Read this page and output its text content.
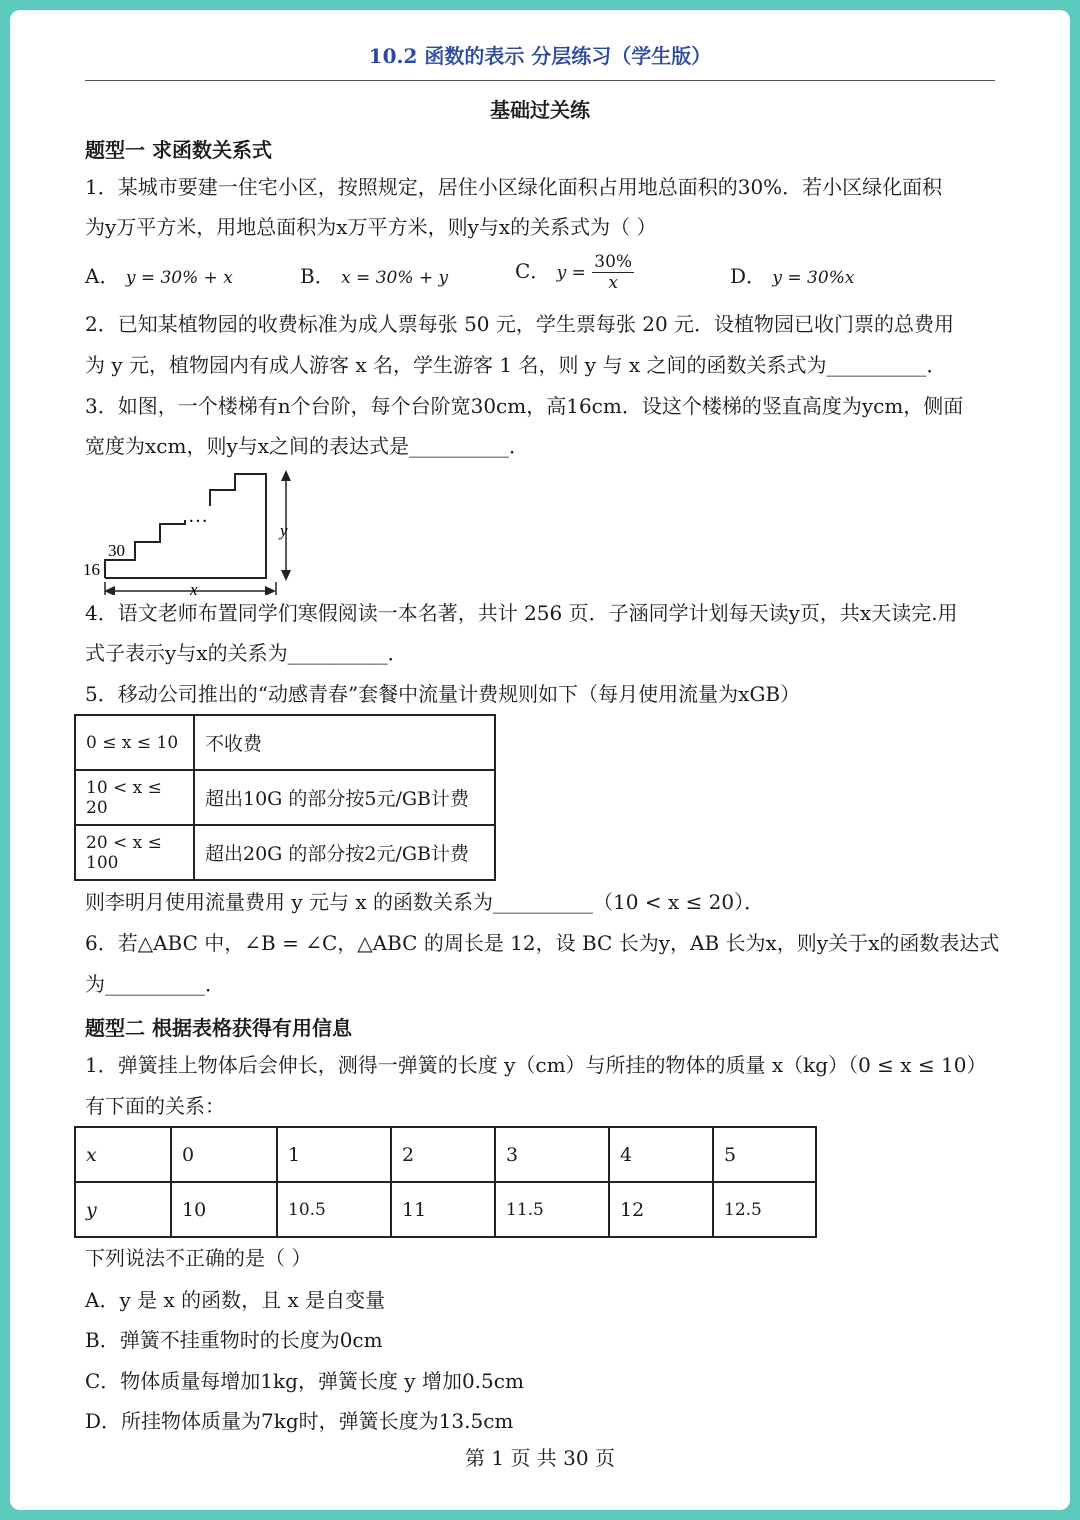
10.2 函数的表示 分层练习（学生版）
基础过关练
题型一 求函数关系式
1．某城市要建一住宅小区，按照规定，居住小区绿化面积占用地总面积的30%．若小区绿化面积
为y万平方米，用地总面积为x万平方米，则y与x的关系式为（ ）
A． y = 30% + x	B． x = 30% + y	C． $y = \frac{30\%}{x}$	D． y = 30%x
2．已知某植物园的收费标准为成人票每张 50 元，学生票每张 20 元．设植物园已收门票的总费用
为 y 元，植物园内有成人游客 x 名，学生游客 1 名，则 y 与 x 之间的函数关系式为__________．
3．如图，一个楼梯有n个台阶，每个台阶宽30cm，高16cm．设这个楼梯的竖直高度为ycm，侧面
宽度为xcm，则y与x之间的表达式是__________．
…
30
16
y
x
4．语文老师布置同学们寒假阅读一本名著，共计 256 页．子涵同学计划每天读y页，共x天读完.用
式子表示y与x的关系为__________．
5．移动公司推出的“动感青春”套餐中流量计费规则如下（每月使用流量为xGB）
0 ≤ x ≤ 10	不收费
10 < x ≤ 20	超出10G 的部分按5元/GB计费
20 < x ≤ 100	超出20G 的部分按2元/GB计费
则李明月使用流量费用 y 元与 x 的函数关系为__________（10 < x ≤ 20）．
6．若△ABC 中，∠B = ∠C，△ABC 的周长是 12，设 BC 长为y，AB 长为x，则y关于x的函数表达式
为__________．
题型二 根据表格获得有用信息
1．弹簧挂上物体后会伸长，测得一弹簧的长度 y（cm）与所挂的物体的质量 x（kg）（0 ≤ x ≤ 10）
有下面的关系：
x	0	1	2	3	4	5
y	10	10.5	11	11.5	12	12.5
下列说法不正确的是（ ）
A．y 是 x 的函数，且 x 是自变量
B．弹簧不挂重物时的长度为0cm
C．物体质量每增加1kg，弹簧长度 y 增加0.5cm
D．所挂物体质量为7kg时，弹簧长度为13.5cm
第 1 页 共 30 页
